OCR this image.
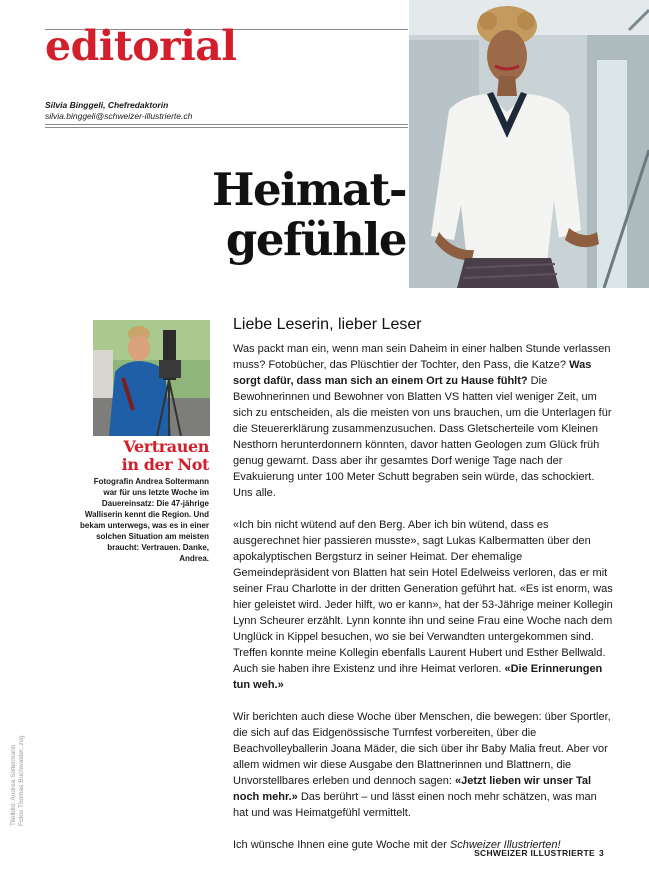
editorial
Silvia Binggeli, Chefredaktorin
silvia.binggeli@schweizer-illustrierte.ch
Heimat-
gefühle
Vertrauen
in der Not

Fotografin Andrea Soltermann war für uns letzte Woche im Dauereinsatz: Die 47-jährige Walliserin kennt die Region. Und bekam unterwegs, was es in einer solchen Situation am meisten braucht: Vertrauen. Danke, Andrea.

Liebe Leserin, lieber Leser

Was packt man ein, wenn man sein Daheim in einer halben Stunde verlassen muss? Fotobücher, das Plüschtier der Tochter, den Pass, die Katze? Was sorgt dafür, dass man sich an einem Ort zu Hause fühlt? Die Bewohnerinnen und Bewohner von Blatten VS hatten viel weniger Zeit, um sich zu entscheiden, als die meisten von uns brauchen, um die Unterlagen für die Steuererklärung zusammenzusuchen. Dass Gletscherteile vom Kleinen Nesthorn herunterdonnern könnten, davor hatten Geologen zum Glück früh genug gewarnt. Dass aber ihr gesamtes Dorf wenige Tage nach der Evakuierung unter 100 Meter Schutt begraben sein würde, das schockiert. Uns alle.

«Ich bin nicht wütend auf den Berg. Aber ich bin wütend, dass es ausgerechnet hier passieren musste», sagt Lukas Kalbermatten über den apokalyptischen Bergsturz in seiner Heimat. Der ehemalige Gemeindepräsident von Blatten hat sein Hotel Edelweiss verloren, das er mit seiner Frau Charlotte in der dritten Generation geführt hat. «Es ist enorm, was hier geleistet wird. Jeder hilft, wo er kann», hat der 53-Jährige meiner Kollegin Lynn Scheurer erzählt. Lynn konnte ihn und seine Frau eine Woche nach dem Unglück in Kippel besuchen, wo sie bei Verwandten untergekommen sind. Treffen konnte meine Kollegin ebenfalls Laurent Hubert und Esther Bellwald. Auch sie haben ihre Existenz und ihre Heimat verloren. «Die Erinnerungen tun weh.»

Wir berichten auch diese Woche über Menschen, die bewegen: über Sportler, die sich auf das Eidgenössische Turnfest vorbereiten, über die Beachvolleyballerin Joana Mäder, die sich über ihr Baby Malia freut. Aber vor allem widmen wir diese Ausgabe den Blattnerinnen und Blattnern, die Unvorstellbares erleben und dennoch sagen: «Jetzt lieben wir unser Tal noch mehr.» Das berührt – und lässt einen noch mehr schätzen, was man hat und was Heimatgefühl vermittelt.

Ich wünsche Ihnen eine gute Woche mit der Schweizer Illustrierten!

Titelbild: Andrea Soltermann Fotos Thomas Buchwalder, zvg
SCHWEIZER ILLUSTRIERTE 3
